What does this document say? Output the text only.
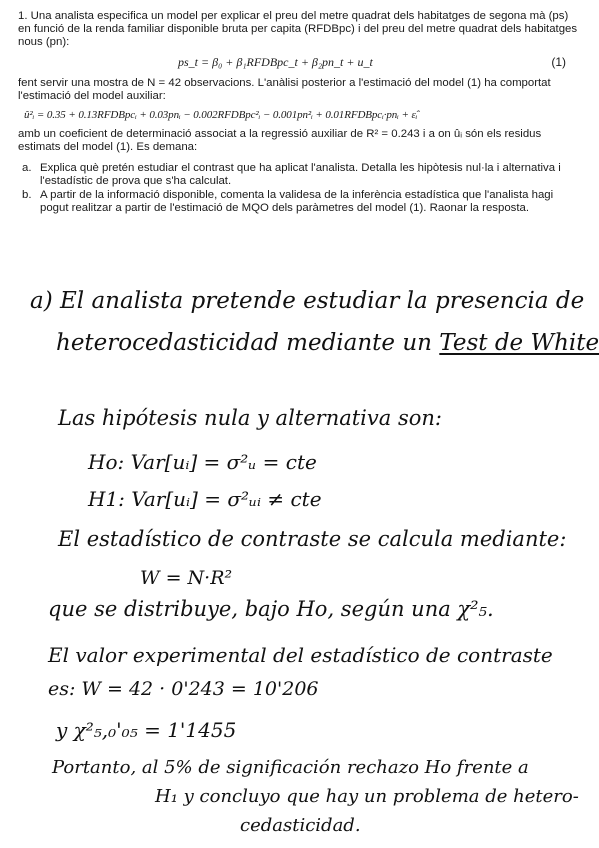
1. Una analista especifica un model per explicar el preu del metre quadrat dels habitatges de segona mà (ps) en funció de la renda familiar disponible bruta per capita (RFDBpc) i del preu del metre quadrat dels habitatges nous (pn):

ps_t = β₀ + β₁RFDBpc_t + β₂pn_t + u_t	(1)

fent servir una mostra de N = 42 observacions. L'anàlisi posterior a l'estimació del model (1) ha comportat l'estimació del model auxiliar:

û²ᵢ = 0.35 + 0.13RFDBpcᵢ + 0.03pnᵢ − 0.002RFDBpc²ᵢ − 0.001pn²ᵢ + 0.01RFDBpcᵢ·pnᵢ + ε̂ᵢ

amb un coeficient de determinació associat a la regressió auxiliar de R² = 0.243 i a on ûᵢ són els residus estimats del model (1). Es demana:

a. Explica què pretén estudiar el contrast que ha aplicat l'analista. Detalla les hipòtesis nul·la i alternativa i l'estadístic de prova que s'ha calculat.
b. A partir de la informació disponible, comenta la validesa de la inferència estadística que l'analista hagi pogut realitzar a partir de l'estimació de MQO dels paràmetres del model (1). Raonar la resposta.
a) El analista pretende estudiar la presencia de
heterocedasticidad mediante un Test de White
Las hipótesis nula y alternativa son:
Ho: Var[uᵢ] = σ²ᵤ = cte
H1: Var[uᵢ] = σ²ᵤᵢ ≠ cte
El estadístico de contraste se calcula mediante:
W = N·R²
que se distribuye, bajo Ho, según una χ²₅.
El valor experimental del estadístico de contraste
es: W = 42 · 0'243 = 10'206
y χ²₅,₀'₀₅ = 1'1455
Portanto, al 5% de significación rechazo Ho frente a
H₁ y concluyo que hay un problema de hetero-
cedasticidad.
